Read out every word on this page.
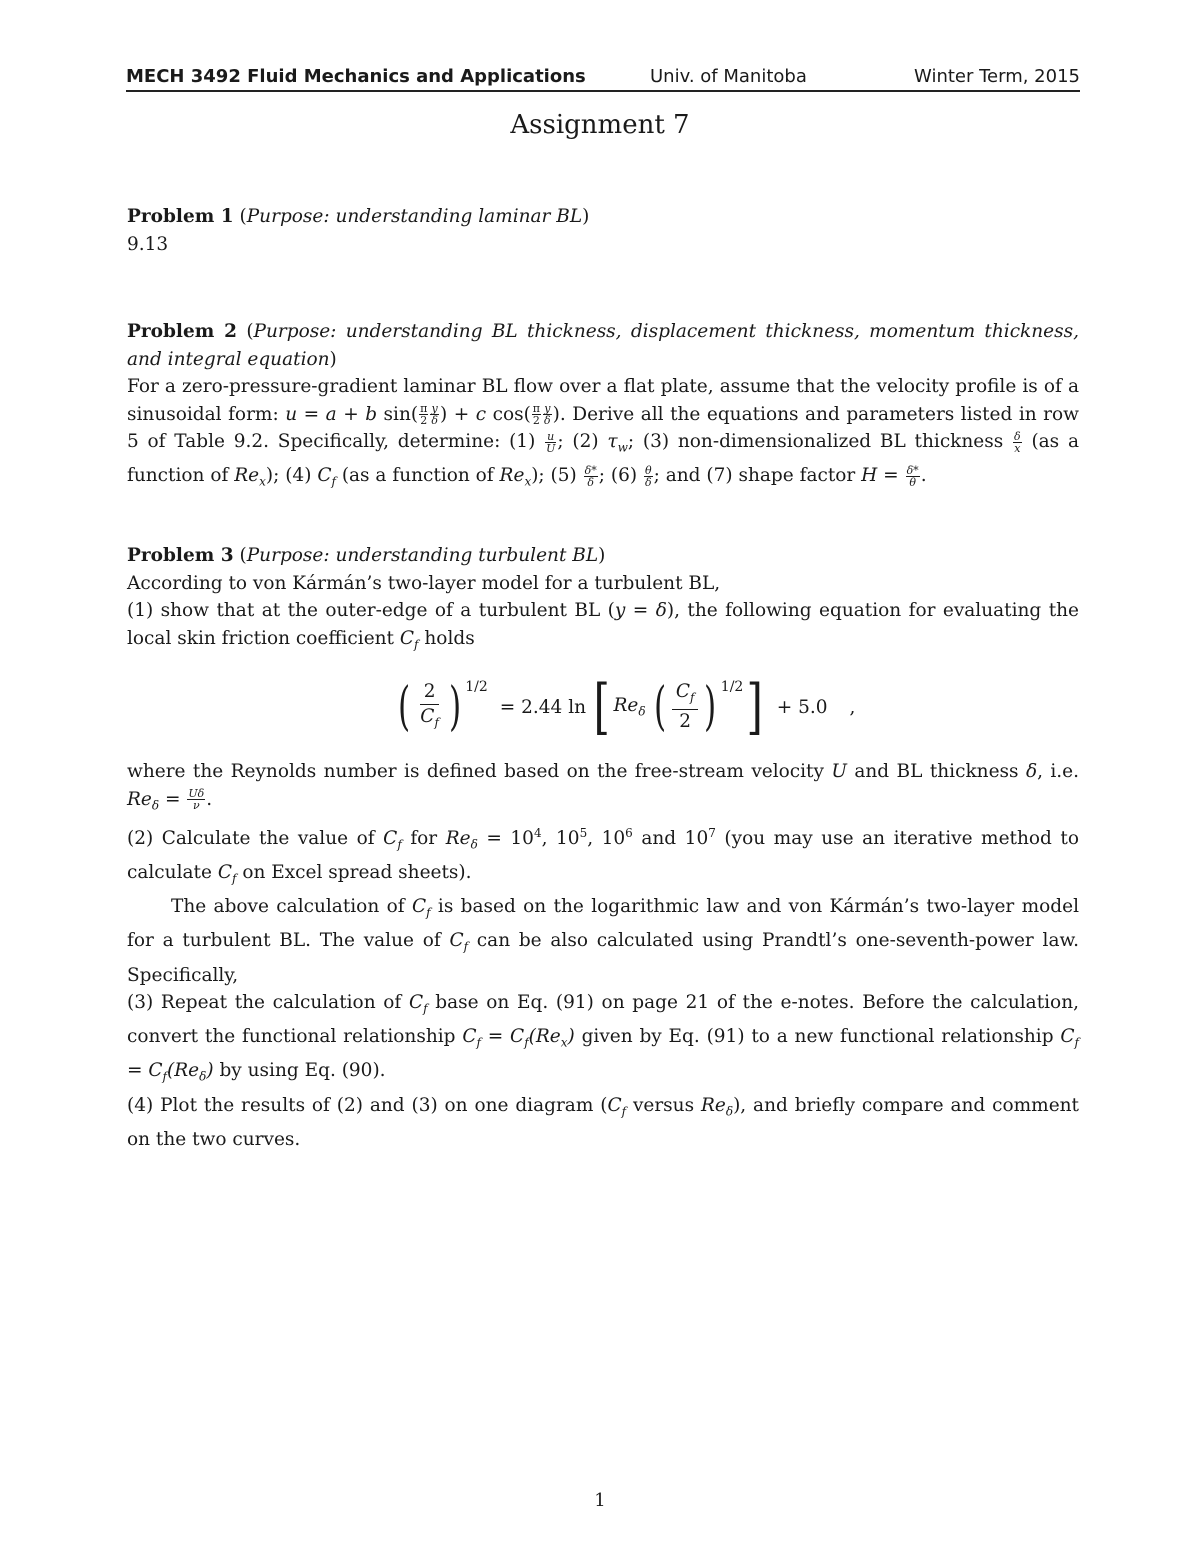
MECH 3492 Fluid Mechanics and Applications	Univ. of Manitoba	Winter Term, 2015
Assignment 7
Problem 1 (Purpose: understanding laminar BL)
9.13
Problem 2 (Purpose: understanding BL thickness, displacement thickness, momentum thickness, and integral equation)
For a zero-pressure-gradient laminar BL flow over a flat plate, assume that the velocity profile is of a sinusoidal form: u = a + b $\sin( \frac{\pi}{2} \frac{y}{\delta}$ ) + c $\cos( \frac{\pi}{2} \frac{y}{\delta}$ ). Derive all the equations and parameters listed in row 5 of Table 9.2. Specifically, determine: $(1) \frac{u}{U}$ ; (2) $\tau_w$; (3) non-dimensionalized BL thickness $\frac{\delta}{x} (as$ a function of $Re_x$); (4) $C_f$ (as a function of $Re_x$); $(5) \frac{\delta*}{\delta}$ ; $(6) \frac{\theta}{\delta}$ ; and (7) shape factor $H = \frac{\delta*}{\theta}$ .
Problem 3 (Purpose: understanding turbulent BL)
According to von Kármán’s two-layer model for a turbulent BL,
(1) show that at the outer-edge of a turbulent BL (y = δ), the following equation for evaluating the local skin friction coefficient $C_f$ holds
( 2
$C_f$ ) 1/2
= 2.44 ln [ $Re_\delta$ ( $C_f$
2 ) 1/2 ] + 5.0 ,
where the Reynolds number is defined based on the free-stream velocity U and BL thickness δ, i.e. $Re_\delta = \frac{U\delta}{\nu}$ .
(2) Calculate the value of $C_f$ for $Re_\delta = 10^4$, $10^5$, $10^6$ and $10^7$ (you may use an iterative method to calculate $C_f$ on Excel spread sheets).
The above calculation of $C_f$ is based on the logarithmic law and von Kármán’s two-layer model for a turbulent BL. The value of $C_f$ can be also calculated using Prandtl’s one-seventh-power law. Specifically,
(3) Repeat the calculation of $C_f$ base on Eq. (91) on page 21 of the e-notes. Before the calculation, convert the functional relationship $C_f = C_f(Re_x)$ given by Eq. (91) to a new functional relationship $C_f = C_f(Re_\delta)$ by using Eq. (90).
(4) Plot the results of (2) and (3) on one diagram ($C_f$ versus $Re_\delta$), and briefly compare and comment on the two curves.
1
